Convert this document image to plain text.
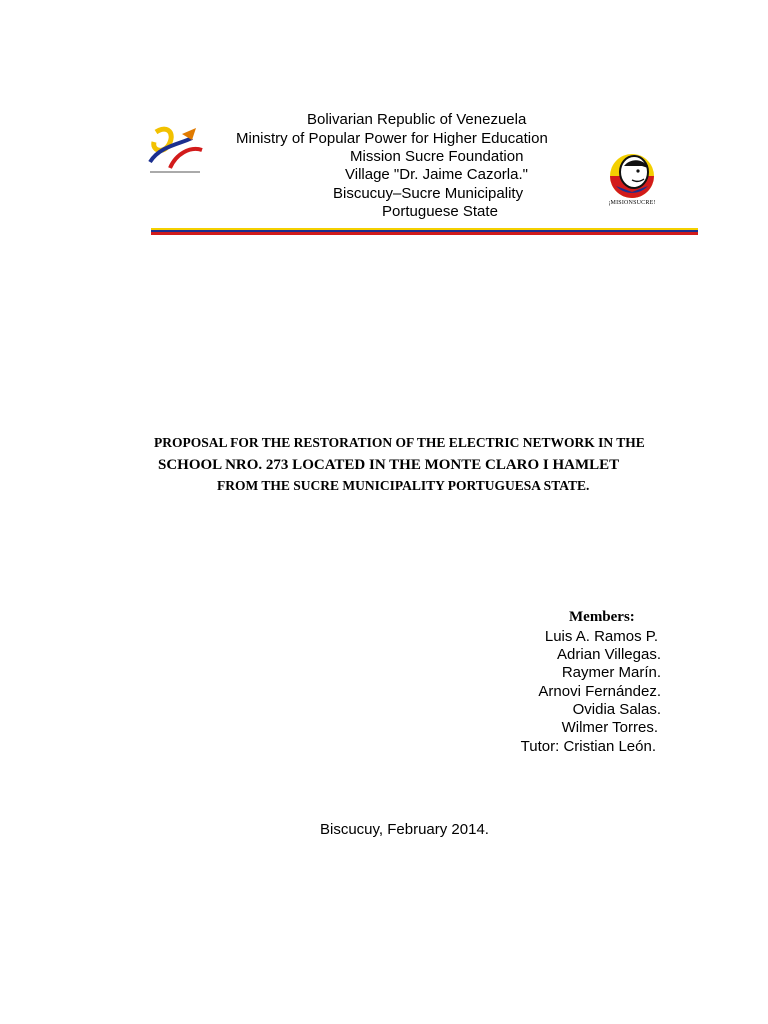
Bolivarian Republic of Venezuela
Ministry of Popular Power for Higher Education
Mission Sucre Foundation
Village "Dr. Jaime Cazorla."
Biscucuy–Sucre Municipality
Portuguese State	¡MISIONSUCRE!
PROPOSAL FOR THE RESTORATION OF THE ELECTRIC NETWORK IN THE
SCHOOL NRO. 273 LOCATED IN THE MONTE CLARO I HAMLET
FROM THE SUCRE MUNICIPALITY PORTUGUESA STATE.
Members:
Luis A. Ramos P.
Adrian Villegas.
Raymer Marín.
Arnovi Fernández.
Ovidia Salas.
Wilmer Torres.
Tutor: Cristian León.
Biscucuy, February 2014.
